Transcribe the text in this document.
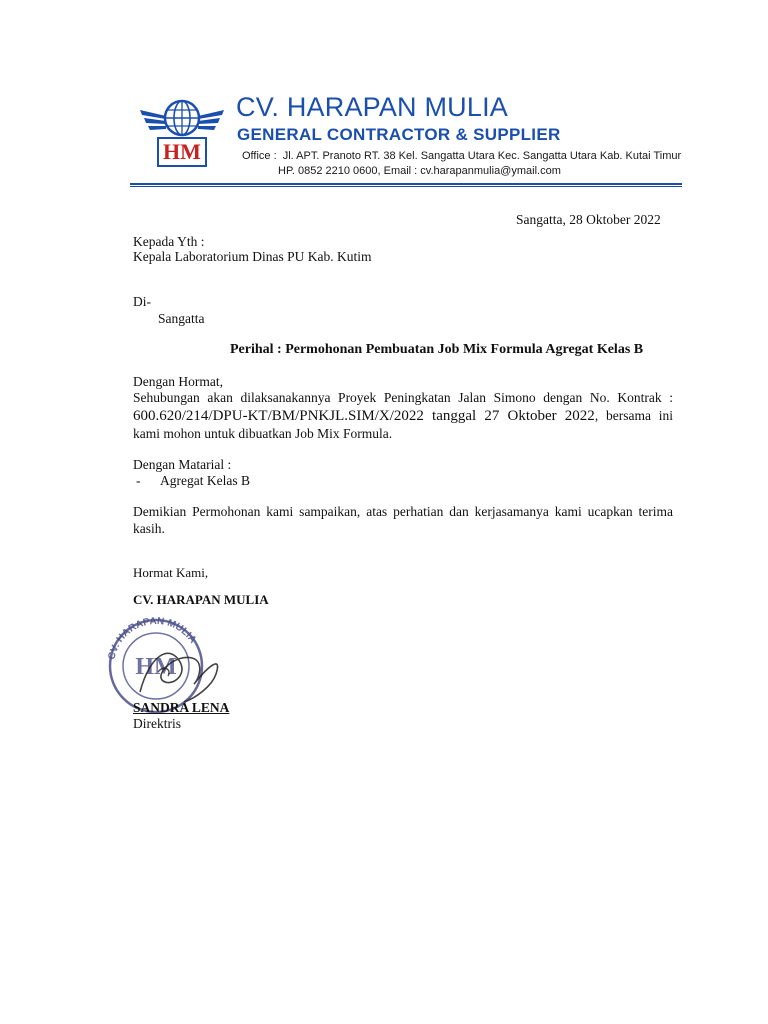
HM
CV. HARAPAN MULIA
GENERAL CONTRACTOR & SUPPLIER
Office : Jl. APT. Pranoto RT. 38 Kel. Sangatta Utara Kec. Sangatta Utara Kab. Kutai Timur
HP. 0852 2210 0600, Email : cv.harapanmulia@ymail.com
Sangatta, 28 Oktober 2022
Kepada Yth :
Kepala Laboratorium Dinas PU Kab. Kutim
Di-
Sangatta
Perihal : Permohonan Pembuatan Job Mix Formula Agregat Kelas B
Dengan Hormat,
Sehubungan akan dilaksanakannya Proyek Peningkatan Jalan Simono dengan No. Kontrak : 600.620/214/DPU-KT/BM/PNKJL.SIM/X/2022 tanggal 27 Oktober 2022, bersama ini kami mohon untuk dibuatkan Job Mix Formula.
Dengan Matarial :
- Agregat Kelas B
Demikian Permohonan kami sampaikan, atas perhatian dan kerjasamanya kami ucapkan terima kasih.
Hormat Kami,
CV. HARAPAN MULIA
CV. HARAPAN MULIA
HM
SANDRA LENA
Direktris
